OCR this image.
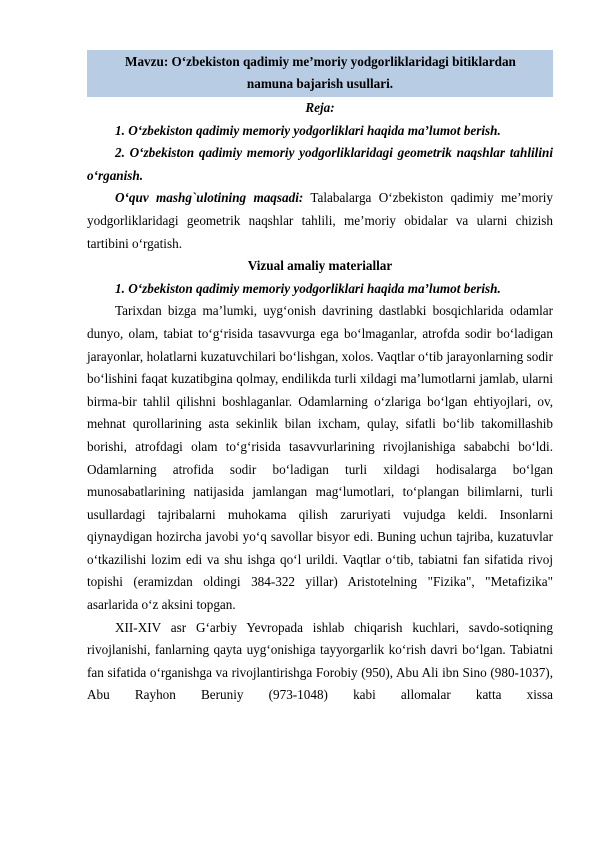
Mavzu: O‘zbekiston qadimiy me’moriy yodgorliklaridagi bitiklardan

namuna bajarish usullari.

Reja:

1. O‘zbekiston qadimiy memoriy yodgorliklari haqida ma’lumot berish.

2. O‘zbekiston qadimiy memoriy yodgorliklaridagi geometrik naqshlar tahlilini o‘rganish.

O‘quv mashg`ulotining maqsadi: Talabalarga O‘zbekiston qadimiy me’moriy yodgorliklaridagi geometrik naqshlar tahlili, me’moriy obidalar va ularni chizish tartibini o‘rgatish.

Vizual amaliy materiallar

1. O‘zbekiston qadimiy memoriy yodgorliklari haqida ma’lumot berish.

Tarixdan bizga ma’lumki, uyg‘onish davrining dastlabki bosqichlarida odamlar dunyo, olam, tabiat to‘g‘risida tasavvurga ega bo‘lmaganlar, atrofda sodir bo‘ladigan jarayonlar, holatlarni kuzatuvchilari bo‘lishgan, xolos. Vaqtlar o‘tib jarayonlarning sodir bo‘lishini faqat kuzatibgina qolmay, endilikda turli xildagi ma’lumotlarni jamlab, ularni birma-bir tahlil qilishni boshlaganlar. Odamlarning o‘zlariga bo‘lgan ehtiyojlari, ov, mehnat qurollarining asta sekinlik bilan ixcham, qulay, sifatli bo‘lib takomillashib borishi, atrofdagi olam to‘g‘risida tasavvurlarining rivojlanishiga sababchi bo‘ldi. Odamlarning atrofida sodir bo‘ladigan turli xildagi hodisalarga bo‘lgan munosabatlarining natijasida jamlangan mag‘lumotlari, to‘plangan bilimlarni, turli usullardagi tajribalarni muhokama qilish zaruriyati vujudga keldi. Insonlarni qiynaydigan hozircha javobi yo‘q savollar bisyor edi. Buning uchun tajriba, kuzatuvlar o‘tkazilishi lozim edi va shu ishga qo‘l urildi. Vaqtlar o‘tib, tabiatni fan sifatida rivoj topishi (eramizdan oldingi 384-322 yillar) Aristotelning "Fizika", "Metafizika" asarlarida o‘z aksini topgan.

XII-XIV asr G‘arbiy Yevropada ishlab chiqarish kuchlari, savdo-sotiqning rivojlanishi, fanlarning qayta uyg‘onishiga tayyorgarlik ko‘rish davri bo‘lgan. Tabiatni fan sifatida o‘rganishga va rivojlantirishga Forobiy (950), Abu Ali ibn Sino (980-1037), Abu Rayhon Beruniy (973-1048) kabi allomalar katta xissa
